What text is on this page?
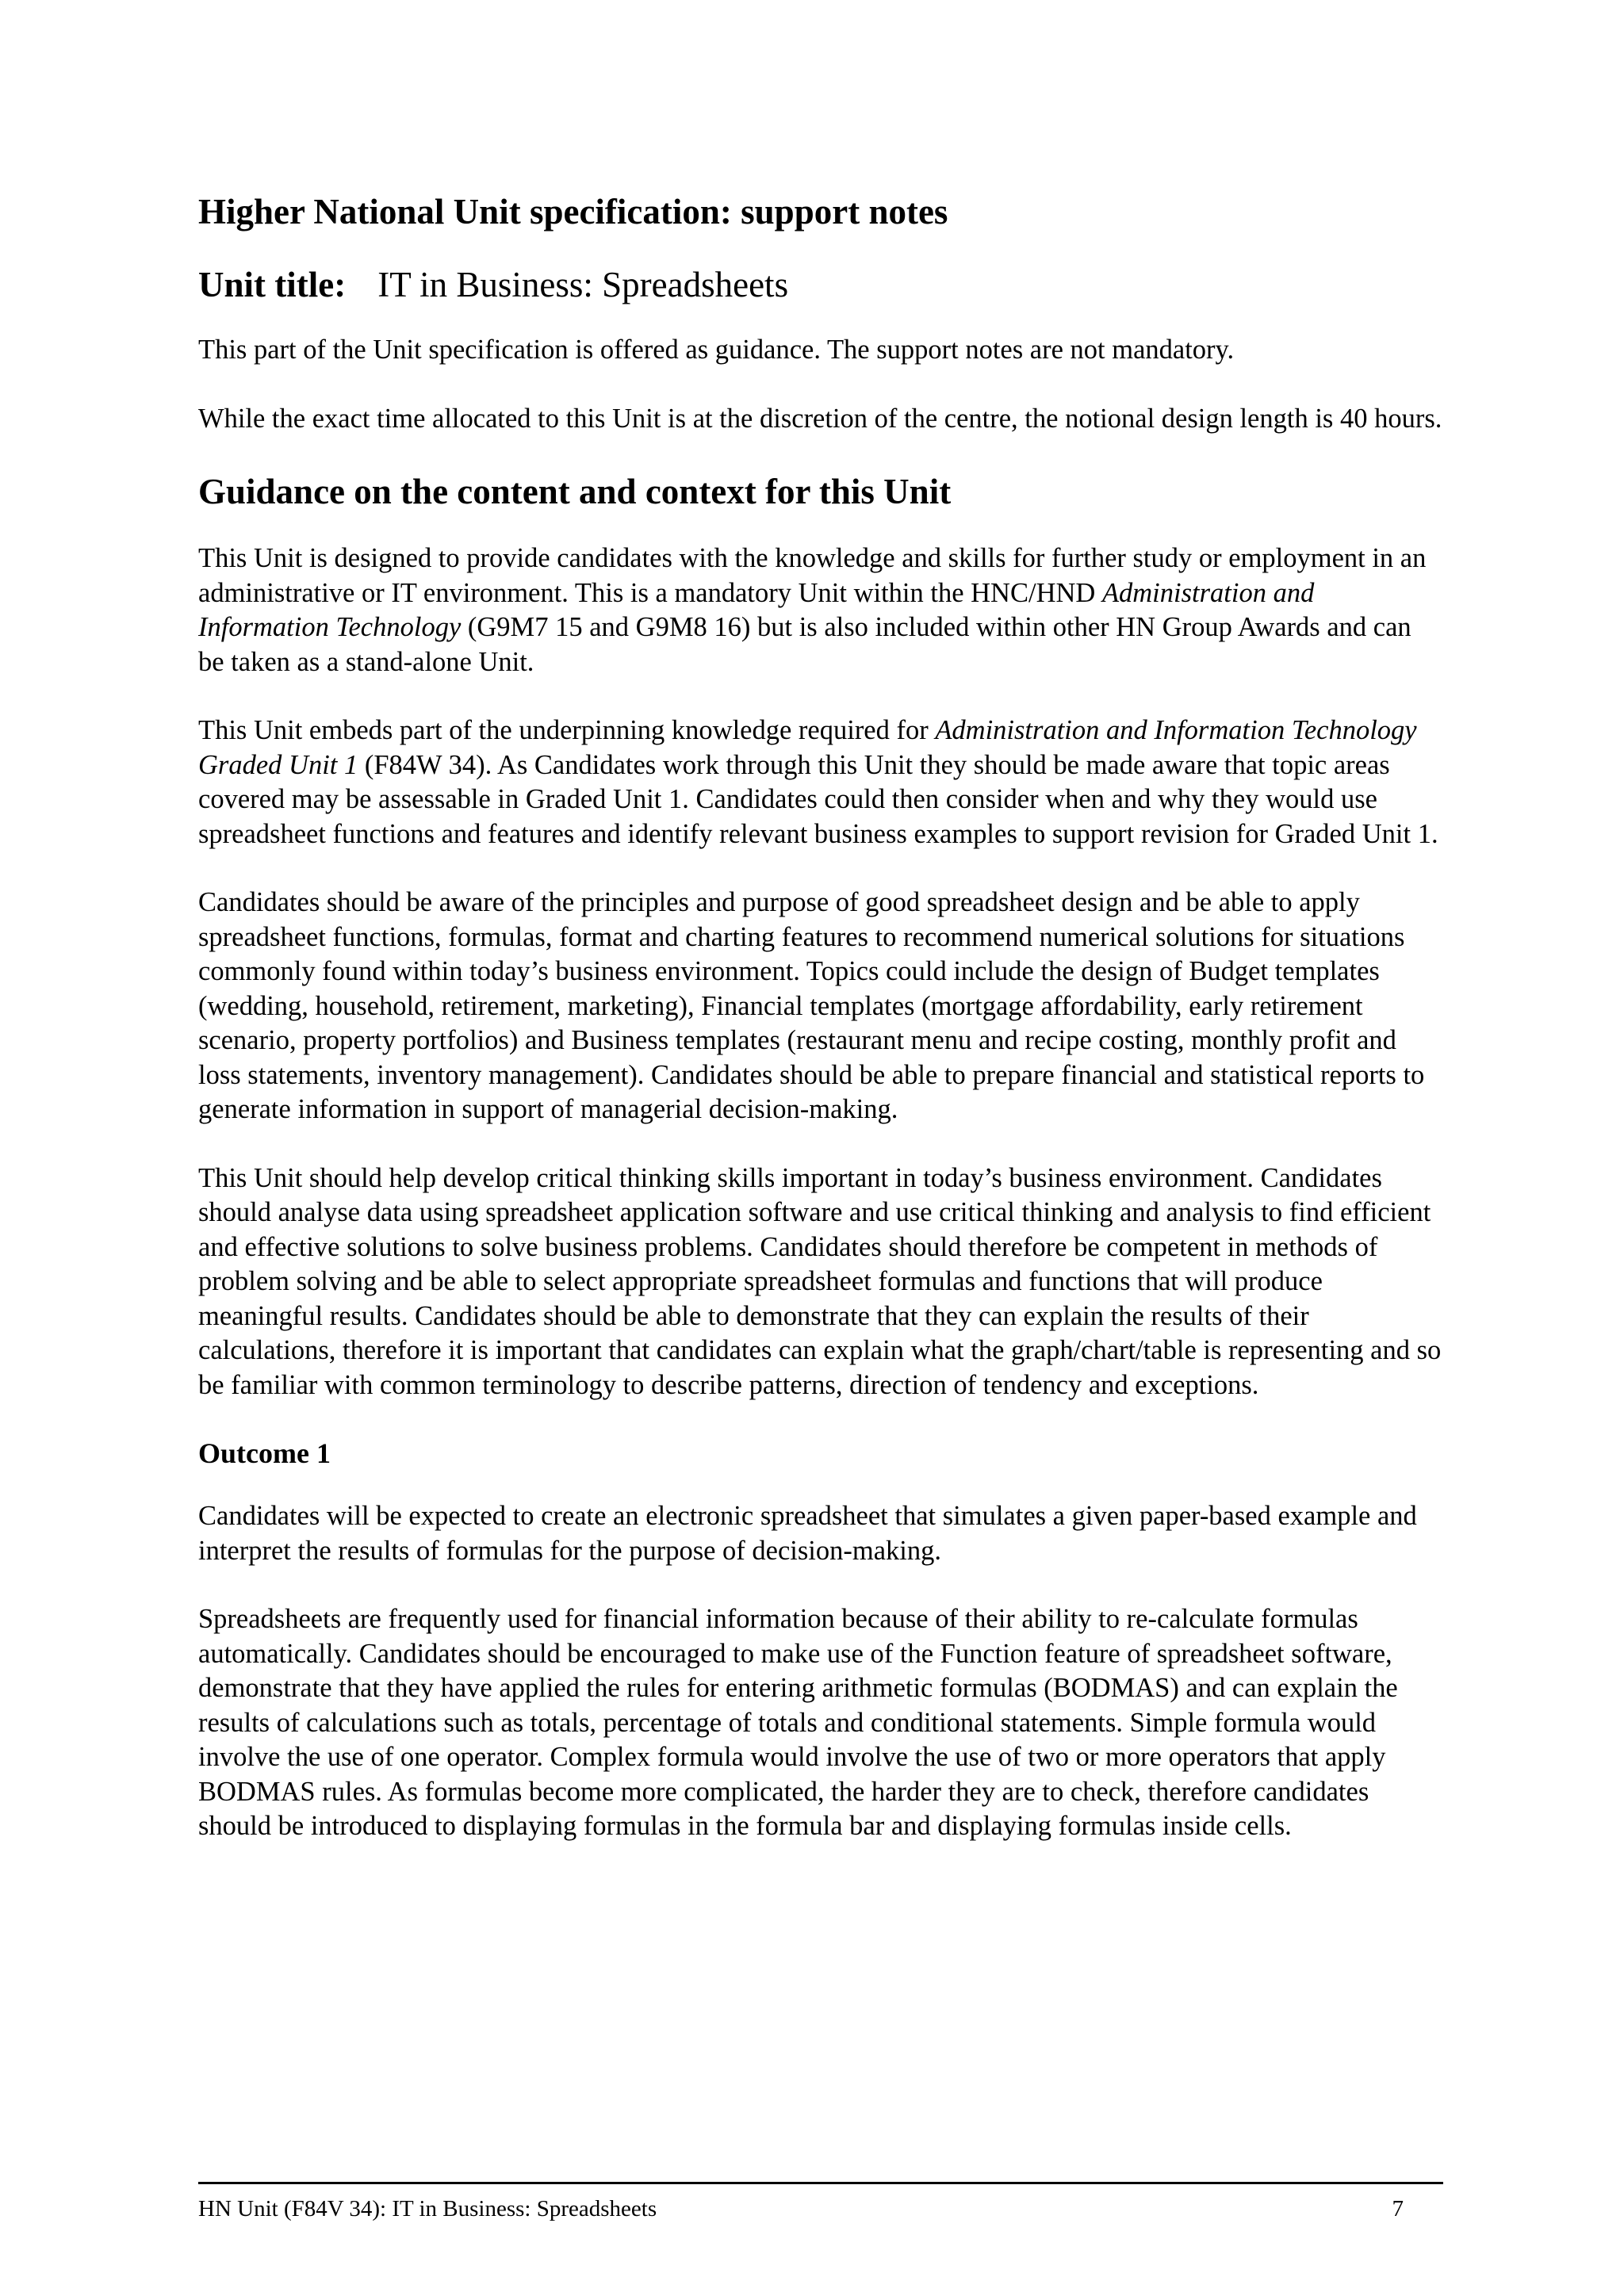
Higher National Unit specification: support notes
Unit title: IT in Business: Spreadsheets

This part of the Unit specification is offered as guidance. The support notes are not mandatory.

While the exact time allocated to this Unit is at the discretion of the centre, the notional design length is 40 hours.

Guidance on the content and context for this Unit

This Unit is designed to provide candidates with the knowledge and skills for further study or employment in an administrative or IT environment. This is a mandatory Unit within the HNC/HND Administration and Information Technology (G9M7 15 and G9M8 16) but is also included within other HN Group Awards and can be taken as a stand-alone Unit.

This Unit embeds part of the underpinning knowledge required for Administration and Information Technology Graded Unit 1 (F84W 34). As Candidates work through this Unit they should be made aware that topic areas covered may be assessable in Graded Unit 1. Candidates could then consider when and why they would use spreadsheet functions and features and identify relevant business examples to support revision for Graded Unit 1.

Candidates should be aware of the principles and purpose of good spreadsheet design and be able to apply spreadsheet functions, formulas, format and charting features to recommend numerical solutions for situations commonly found within today’s business environment. Topics could include the design of Budget templates (wedding, household, retirement, marketing), Financial templates (mortgage affordability, early retirement scenario, property portfolios) and Business templates (restaurant menu and recipe costing, monthly profit and loss statements, inventory management). Candidates should be able to prepare financial and statistical reports to generate information in support of managerial decision-making.

This Unit should help develop critical thinking skills important in today’s business environment. Candidates should analyse data using spreadsheet application software and use critical thinking and analysis to find efficient and effective solutions to solve business problems. Candidates should therefore be competent in methods of problem solving and be able to select appropriate spreadsheet formulas and functions that will produce meaningful results. Candidates should be able to demonstrate that they can explain the results of their calculations, therefore it is important that candidates can explain what the graph/chart/table is representing and so be familiar with common terminology to describe patterns, direction of tendency and exceptions.

Outcome 1

Candidates will be expected to create an electronic spreadsheet that simulates a given paper-based example and interpret the results of formulas for the purpose of decision-making.

Spreadsheets are frequently used for financial information because of their ability to re-calculate formulas automatically. Candidates should be encouraged to make use of the Function feature of spreadsheet software, demonstrate that they have applied the rules for entering arithmetic formulas (BODMAS) and can explain the results of calculations such as totals, percentage of totals and conditional statements. Simple formula would involve the use of one operator. Complex formula would involve the use of two or more operators that apply BODMAS rules. As formulas become more complicated, the harder they are to check, therefore candidates should be introduced to displaying formulas in the formula bar and displaying formulas inside cells.

HN Unit (F84V 34): IT in Business: Spreadsheets	7
